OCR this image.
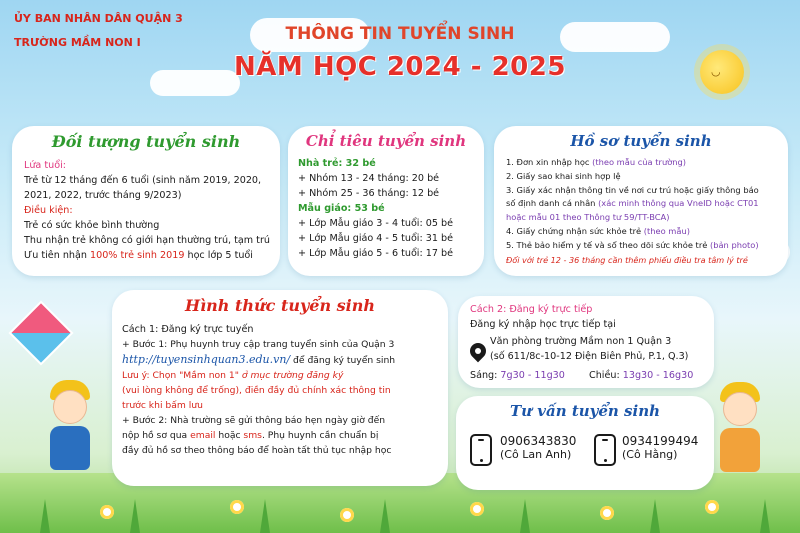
◡
ỦY BAN NHÂN DÂN QUẬN 3
TRƯỜNG MẦM NON I	THÔNG TIN TUYỂN SINH
NĂM HỌC 2024 - 2025
Đối tượng tuyển sinh
Lứa tuổi:
Trẻ từ 12 tháng đến 6 tuổi (sinh năm 2019, 2020,
2021, 2022, trước tháng 9/2023)
Điều kiện:
Trẻ có sức khỏe bình thường
Thu nhận trẻ không có giới hạn thường trú, tạm trú
Ưu tiên nhận 100% trẻ sinh 2019 học lớp 5 tuổi
Chỉ tiêu tuyển sinh
Nhà trẻ: 32 bé
+ Nhóm 13 - 24 tháng: 20 bé
+ Nhóm 25 - 36 tháng: 12 bé
Mẫu giáo: 53 bé
+ Lớp Mẫu giáo 3 - 4 tuổi: 05 bé
+ Lớp Mẫu giáo 4 - 5 tuổi: 31 bé
+ Lớp Mẫu giáo 5 - 6 tuổi: 17 bé
Hồ sơ tuyển sinh
1. Đơn xin nhập học (theo mẫu của trường)
2. Giấy sao khai sinh hợp lệ
3. Giấy xác nhận thông tin về nơi cư trú hoặc giấy thông báo
số định danh cá nhân (xác minh thông qua VneID hoặc CT01
hoặc mẫu 01 theo Thông tư 59/TT-BCA)
4. Giấy chứng nhận sức khỏe trẻ (theo mẫu)
5. Thẻ bảo hiểm y tế và sổ theo dõi sức khỏe trẻ (bản photo)
Đối với trẻ 12 - 36 tháng cần thêm phiếu điều tra tâm lý trẻ
Hình thức tuyển sinh
Cách 1: Đăng ký trực tuyến
+ Bước 1: Phụ huynh truy cập trang tuyển sinh của Quận 3
http://tuyensinhquan3.edu.vn/ để đăng ký tuyển sinh
Lưu ý: Chọn "Mầm non 1" ở mục trường đăng ký
(vui lòng không để trống), điền đầy đủ chính xác thông tin
trước khi bấm lưu
+ Bước 2: Nhà trường sẽ gửi thông báo hẹn ngày giờ đến
nộp hồ sơ qua email hoặc sms. Phụ huynh cần chuẩn bị
đầy đủ hồ sơ theo thông báo để hoàn tất thủ tục nhập học
Cách 2: Đăng ký trực tiếp
Đăng ký nhập học trực tiếp tại
Văn phòng trường Mầm non 1 Quận 3
(số 611/8c-10-12 Điện Biên Phủ, P.1, Q.3)
Sáng: 7g30 - 11g30	Chiều: 13g30 - 16g30
Tư vấn tuyển sinh
0906343830
(Cô Lan Anh)
0934199494
(Cô Hằng)
